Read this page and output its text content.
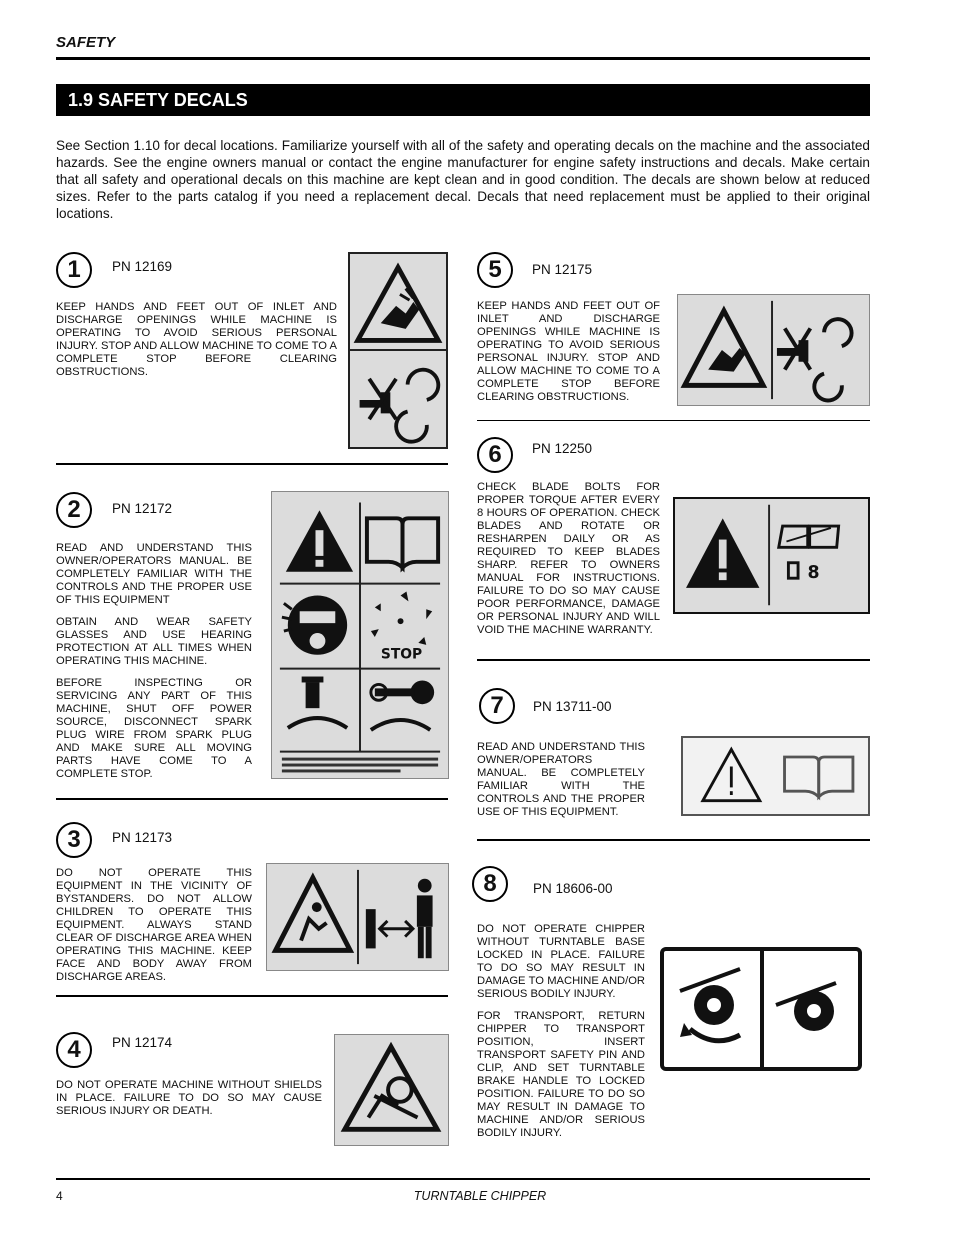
SAFETY
1.9 SAFETY DECALS
See Section 1.10 for decal locations. Familiarize yourself with all of the safety and operating decals on the machine and the associated hazards. See the engine owners manual or contact the engine manufacturer for engine safety instructions and decals. Make certain that all safety and operational decals on this machine are kept clean and in good condition. The decals are shown below at reduced sizes. Refer to the parts catalog if you need a replacement decal. Decals that need replacement must be applied to their original locations.
1	PN 12169

KEEP HANDS AND FEET OUT OF INLET AND DISCHARGE OPENINGS WHILE MACHINE IS OPERATING TO AVOID SERIOUS PERSONAL INJURY. STOP AND ALLOW MACHINE TO COME TO A COMPLETE STOP BEFORE CLEARING OBSTRUCTIONS.

2	PN 12172

READ AND UNDERSTAND THIS OWNER/OPERATORS MANUAL. BE COMPLETELY FAMILIAR WITH THE CONTROLS AND THE PROPER USE OF THIS EQUIPMENT

OBTAIN AND WEAR SAFETY GLASSES AND USE HEARING PROTECTION AT ALL TIMES WHEN OPERATING THIS MACHINE.

BEFORE INSPECTING OR SERVICING ANY PART OF THIS MACHINE, SHUT OFF POWER SOURCE, DISCONNECT SPARK PLUG WIRE FROM SPARK PLUG AND MAKE SURE ALL MOVING PARTS HAVE COME TO A COMPLETE STOP.

STOP
3	PN 12173

DO NOT OPERATE THIS EQUIPMENT IN THE VICINITY OF BYSTANDERS. DO NOT ALLOW CHILDREN TO OPERATE THIS EQUIPMENT. ALWAYS STAND CLEAR OF DISCHARGE AREA WHEN OPERATING THIS MACHINE. KEEP FACE AND BODY AWAY FROM DISCHARGE AREAS.

4	PN 12174

DO NOT OPERATE MACHINE WITHOUT SHIELDS IN PLACE. FAILURE TO DO SO MAY CAUSE SERIOUS INJURY OR DEATH.

5	PN 12175

KEEP HANDS AND FEET OUT OF INLET AND DISCHARGE OPENINGS WHILE MACHINE IS OPERATING TO AVOID SERIOUS PERSONAL INJURY. STOP AND ALLOW MACHINE TO COME TO A COMPLETE STOP BEFORE CLEARING OBSTRUCTIONS.

6	PN 12250

CHECK BLADE BOLTS FOR PROPER TORQUE AFTER EVERY 8 HOURS OF OPERATION. CHECK BLADES AND ROTATE OR RESHARPEN DAILY OR AS REQUIRED TO KEEP BLADES SHARP. REFER TO OWNERS MANUAL FOR INSTRUCTIONS. FAILURE TO DO SO MAY CAUSE POOR PERFORMANCE, DAMAGE OR PERSONAL INJURY AND WILL VOID THE MACHINE WARRANTY.

8
7	PN 13711-00

READ AND UNDERSTAND THIS OWNER/OPERATORS MANUAL. BE COMPLETELY FAMILIAR WITH THE CONTROLS AND THE PROPER USE OF THIS EQUIPMENT.

8	PN 18606-00

DO NOT OPERATE CHIPPER WITHOUT TURNTABLE BASE LOCKED IN PLACE. FAILURE TO DO SO MAY RESULT IN DAMAGE TO MACHINE AND/OR SERIOUS BODILY INJURY.

FOR TRANSPORT, RETURN CHIPPER TO TRANSPORT POSITION, INSERT TRANSPORT SAFETY PIN AND CLIP, AND SET TURNTABLE BRAKE HANDLE TO LOCKED POSITION. FAILURE TO DO SO MAY RESULT IN DAMAGE TO MACHINE AND/OR SERIOUS BODILY INJURY.

4	TURNTABLE CHIPPER
